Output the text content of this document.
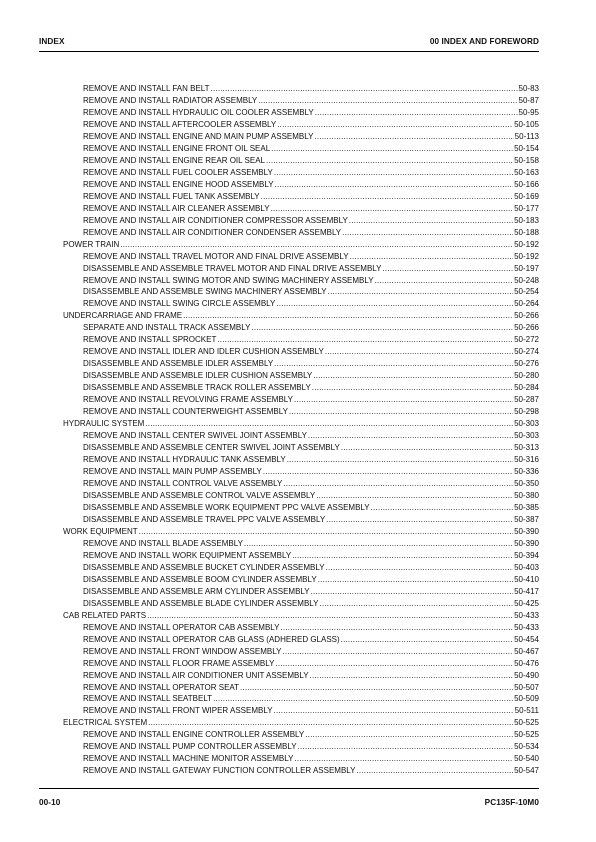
INDEX	00 INDEX AND FOREWORD
REMOVE AND INSTALL FAN BELT .....	50-83
REMOVE AND INSTALL RADIATOR ASSEMBLY .....	50-87
REMOVE AND INSTALL HYDRAULIC OIL COOLER ASSEMBLY .....	50-95
REMOVE AND INSTALL AFTERCOOLER ASSEMBLY .....	50-105
REMOVE AND INSTALL ENGINE AND MAIN PUMP ASSEMBLY .....	50-113
REMOVE AND INSTALL ENGINE FRONT OIL SEAL .....	50-154
REMOVE AND INSTALL ENGINE REAR OIL SEAL .....	50-158
REMOVE AND INSTALL FUEL COOLER ASSEMBLY .....	50-163
REMOVE AND INSTALL ENGINE HOOD ASSEMBLY .....	50-166
REMOVE AND INSTALL FUEL TANK ASSEMBLY .....	50-169
REMOVE AND INSTALL AIR CLEANER ASSEMBLY .....	50-177
REMOVE AND INSTALL AIR CONDITIONER COMPRESSOR ASSEMBLY .....	50-183
REMOVE AND INSTALL AIR CONDITIONER CONDENSER ASSEMBLY .....	50-188
POWER TRAIN .....	50-192
REMOVE AND INSTALL TRAVEL MOTOR AND FINAL DRIVE ASSEMBLY .....	50-192
DISASSEMBLE AND ASSEMBLE TRAVEL MOTOR AND FINAL DRIVE ASSEMBLY .....	50-197
REMOVE AND INSTALL SWING MOTOR AND SWING MACHINERY ASSEMBLY .....	50-248
DISASSEMBLE AND ASSEMBLE SWING MACHINERY ASSEMBLY .....	50-254
REMOVE AND INSTALL SWING CIRCLE ASSEMBLY .....	50-264
UNDERCARRIAGE AND FRAME .....	50-266
SEPARATE AND INSTALL TRACK ASSEMBLY .....	50-266
REMOVE AND INSTALL SPROCKET .....	50-272
REMOVE AND INSTALL IDLER AND IDLER CUSHION ASSEMBLY .....	50-274
DISASSEMBLE AND ASSEMBLE IDLER ASSEMBLY .....	50-276
DISASSEMBLE AND ASSEMBLE IDLER CUSHION ASSEMBLY .....	50-280
DISASSEMBLE AND ASSEMBLE TRACK ROLLER ASSEMBLY .....	50-284
REMOVE AND INSTALL REVOLVING FRAME ASSEMBLY .....	50-287
REMOVE AND INSTALL COUNTERWEIGHT ASSEMBLY .....	50-298
HYDRAULIC SYSTEM .....	50-303
REMOVE AND INSTALL CENTER SWIVEL JOINT ASSEMBLY .....	50-303
DISASSEMBLE AND ASSEMBLE CENTER SWIVEL JOINT ASSEMBLY .....	50-313
REMOVE AND INSTALL HYDRAULIC TANK ASSEMBLY .....	50-316
REMOVE AND INSTALL MAIN PUMP ASSEMBLY .....	50-336
REMOVE AND INSTALL CONTROL VALVE ASSEMBLY .....	50-350
DISASSEMBLE AND ASSEMBLE CONTROL VALVE ASSEMBLY .....	50-380
DISASSEMBLE AND ASSEMBLE WORK EQUIPMENT PPC VALVE ASSEMBLY .....	50-385
DISASSEMBLE AND ASSEMBLE TRAVEL PPC VALVE ASSEMBLY .....	50-387
WORK EQUIPMENT .....	50-390
REMOVE AND INSTALL BLADE ASSEMBLY .....	50-390
REMOVE AND INSTALL WORK EQUIPMENT ASSEMBLY .....	50-394
DISASSEMBLE AND ASSEMBLE BUCKET CYLINDER ASSEMBLY .....	50-403
DISASSEMBLE AND ASSEMBLE BOOM CYLINDER ASSEMBLY .....	50-410
DISASSEMBLE AND ASSEMBLE ARM CYLINDER ASSEMBLY .....	50-417
DISASSEMBLE AND ASSEMBLE BLADE CYLINDER ASSEMBLY .....	50-425
CAB RELATED PARTS .....	50-433
REMOVE AND INSTALL OPERATOR CAB ASSEMBLY .....	50-433
REMOVE AND INSTALL OPERATOR CAB GLASS (ADHERED GLASS) .....	50-454
REMOVE AND INSTALL FRONT WINDOW ASSEMBLY .....	50-467
REMOVE AND INSTALL FLOOR FRAME ASSEMBLY .....	50-476
REMOVE AND INSTALL AIR CONDITIONER UNIT ASSEMBLY .....	50-490
REMOVE AND INSTALL OPERATOR SEAT .....	50-507
REMOVE AND INSTALL SEATBELT .....	50-509
REMOVE AND INSTALL FRONT WIPER ASSEMBLY .....	50-511
ELECTRICAL SYSTEM .....	50-525
REMOVE AND INSTALL ENGINE CONTROLLER ASSEMBLY .....	50-525
REMOVE AND INSTALL PUMP CONTROLLER ASSEMBLY .....	50-534
REMOVE AND INSTALL MACHINE MONITOR ASSEMBLY .....	50-540
REMOVE AND INSTALL GATEWAY FUNCTION CONTROLLER ASSEMBLY .....	50-547
00-10	PC135F-10M0
